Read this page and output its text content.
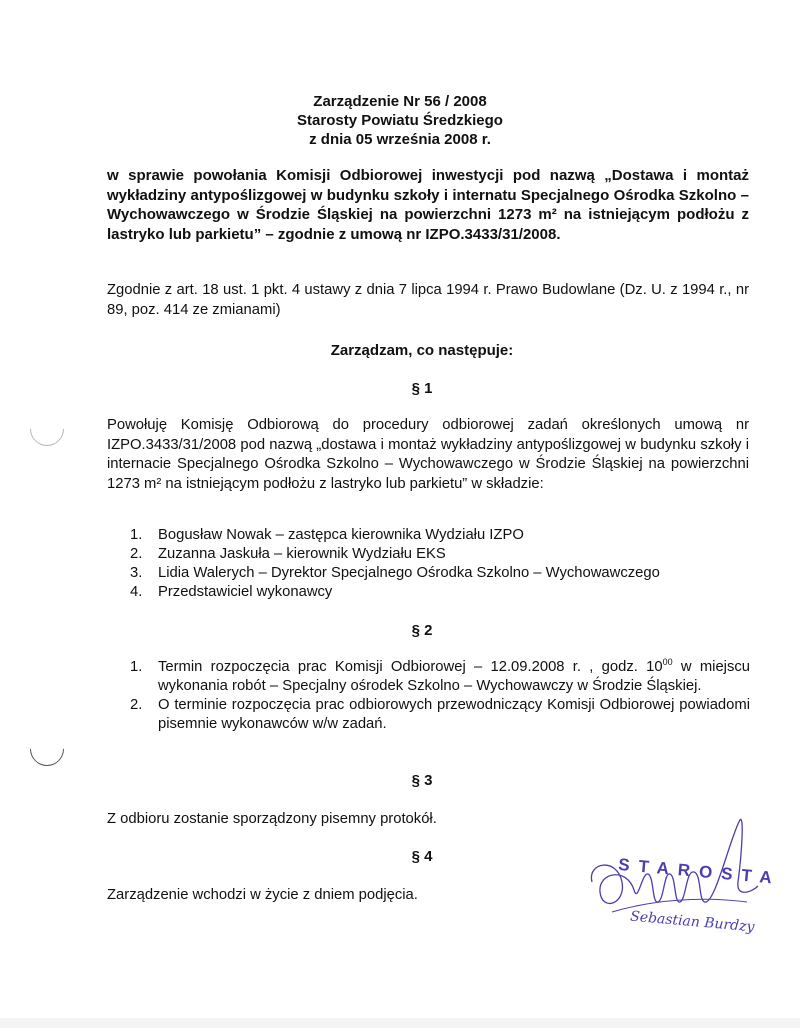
Zarządzenie Nr 56 / 2008
Starosty Powiatu Średzkiego
z dnia 05 września 2008 r.
w sprawie powołania Komisji Odbiorowej inwestycji pod nazwą „Dostawa i montaż wykładziny antypoślizgowej w budynku szkoły i internatu Specjalnego Ośrodka Szkolno – Wychowawczego w Środzie Śląskiej na powierzchni 1273 m² na istniejącym podłożu z lastryko lub parkietu” – zgodnie z umową nr IZPO.3433/31/2008.
Zgodnie z art. 18 ust. 1 pkt. 4 ustawy z dnia 7 lipca 1994 r. Prawo Budowlane (Dz. U. z 1994 r., nr 89, poz. 414 ze zmianami)
Zarządzam, co następuje:
§ 1
Powołuję Komisję Odbiorową do procedury odbiorowej zadań określonych umową nr IZPO.3433/31/2008 pod nazwą „dostawa i montaż wykładziny antypoślizgowej w budynku szkoły i internacie Specjalnego Ośrodka Szkolno – Wychowawczego w Środzie Śląskiej na powierzchni 1273 m² na istniejącym podłożu z lastryko lub parkietu” w składzie:
1. Bogusław Nowak – zastępca kierownika Wydziału IZPO
2. Zuzanna Jaskuła – kierownik Wydziału EKS
3. Lidia Walerych – Dyrektor Specjalnego Ośrodka Szkolno – Wychowawczego
4. Przedstawiciel wykonawcy
§ 2
1. Termin rozpoczęcia prac Komisji Odbiorowej – 12.09.2008 r. , godz. $10^{00}$ w miejscu wykonania robót – Specjalny ośrodek Szkolno – Wychowawczy w Środzie Śląskiej.
2. O terminie rozpoczęcia prac odbiorowych przewodniczący Komisji Odbiorowej powiadomi pisemnie wykonawców w/w zadań.
§ 3
Z odbioru zostanie sporządzony pisemny protokół.
§ 4
Zarządzenie wchodzi w życie z dniem podjęcia.
STAROSTA
Sebastian Burdzy
